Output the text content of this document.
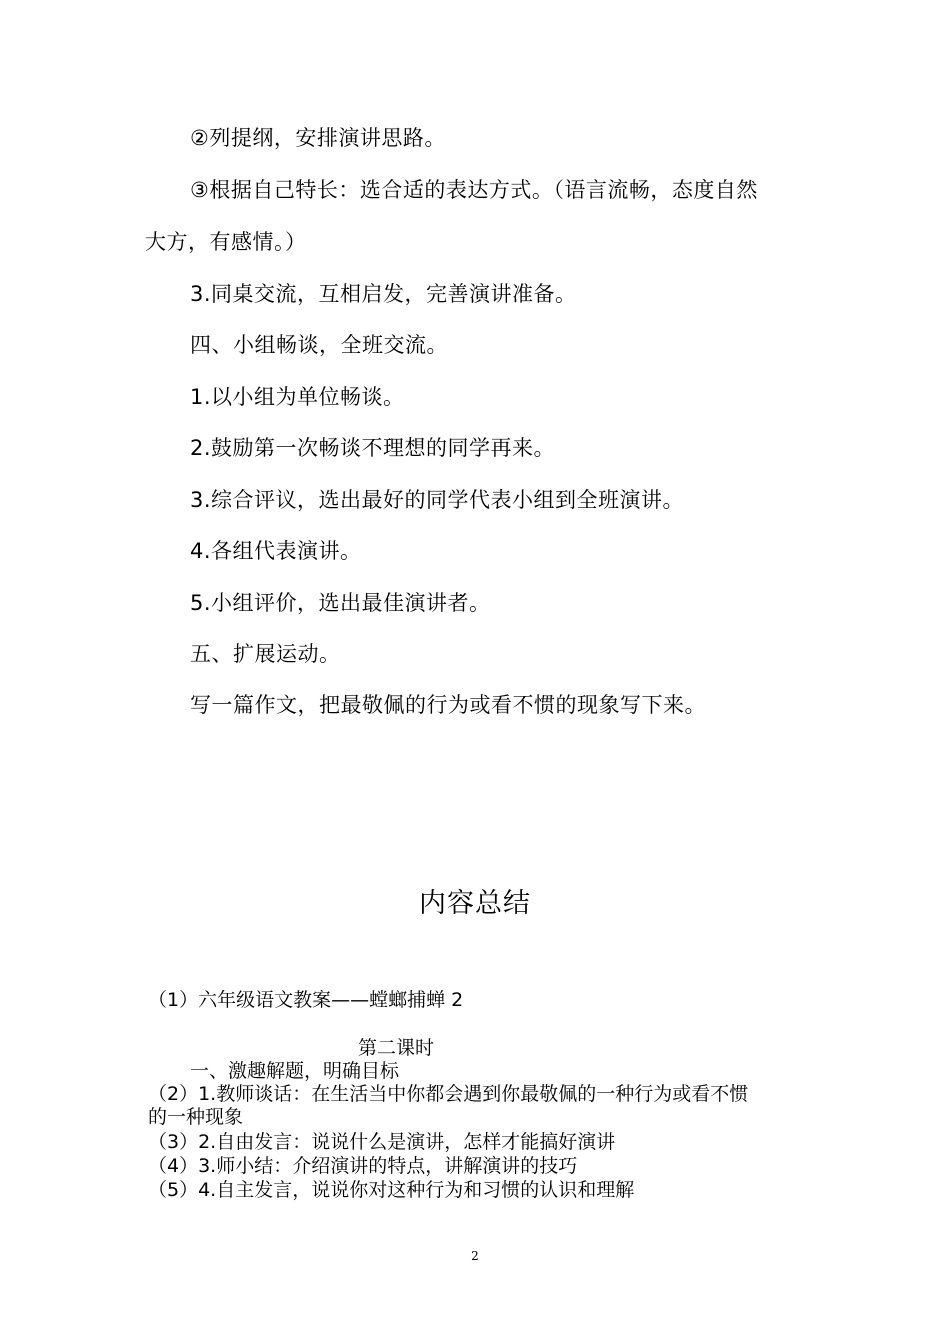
②列提纲，安排演讲思路。
③根据自己特长：选合适的表达方式。（语言流畅，态度自然
大方，有感情。）
3.同桌交流，互相启发，完善演讲准备。
四、小组畅谈，全班交流。
1.以小组为单位畅谈。
2.鼓励第一次畅谈不理想的同学再来。
3.综合评议，选出最好的同学代表小组到全班演讲。
4.各组代表演讲。
5.小组评价，选出最佳演讲者。
五、扩展运动。
写一篇作文，把最敬佩的行为或看不惯的现象写下来。
内容总结
（1）六年级语文教案——螳螂捕蝉 2
第二课时
一、激趣解题，明确目标
（2）1.教师谈话：在生活当中你都会遇到你最敬佩的一种行为或看不惯
的一种现象
（3）2.自由发言：说说什么是演讲，怎样才能搞好演讲
（4）3.师小结：介绍演讲的特点，讲解演讲的技巧
（5）4.自主发言，说说你对这种行为和习惯的认识和理解
2
